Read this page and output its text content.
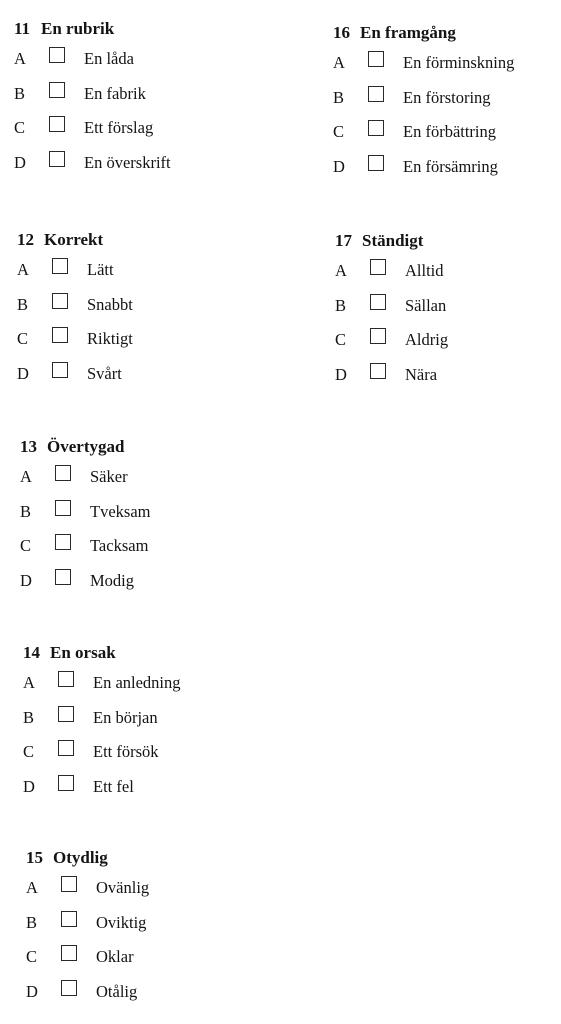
11 En rubrik
A	En låda
B	En fabrik
C	Ett förslag
D	En överskrift
12 Korrekt
A	Lätt
B	Snabbt
C	Riktigt
D	Svårt
13 Övertygad
A	Säker
B	Tveksam
C	Tacksam
D	Modig
14 En orsak
A	En anledning
B	En början
C	Ett försök
D	Ett fel
15 Otydlig
A	Ovänlig
B	Oviktig
C	Oklar
D	Otålig
16 En framgång
A	En förminskning
B	En förstoring
C	En förbättring
D	En försämring
17 Ständigt
A	Alltid
B	Sällan
C	Aldrig
D	Nära
